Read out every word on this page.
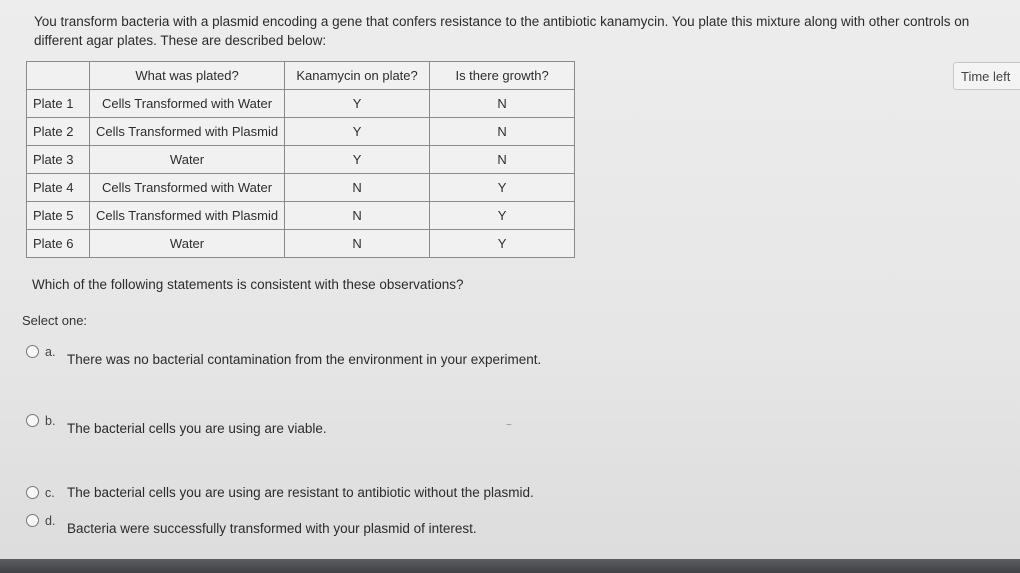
You transform bacteria with a plasmid encoding a gene that confers resistance to the antibiotic kanamycin. You plate this mixture along with other controls on different agar plates. These are described below:
Time left
	What was plated?	Kanamycin on plate?	Is there growth?
Plate 1	Cells Transformed with Water	Y	N
Plate 2	Cells Transformed with Plasmid	Y	N
Plate 3	Water	Y	N
Plate 4	Cells Transformed with Water	N	Y
Plate 5	Cells Transformed with Plasmid	N	Y
Plate 6	Water	N	Y
Which of the following statements is consistent with these observations?
Select one:
a. There was no bacterial contamination from the environment in your experiment.
b. The bacterial cells you are using are viable.
c. The bacterial cells you are using are resistant to antibiotic without the plasmid.
d. Bacteria were successfully transformed with your plasmid of interest.
~
